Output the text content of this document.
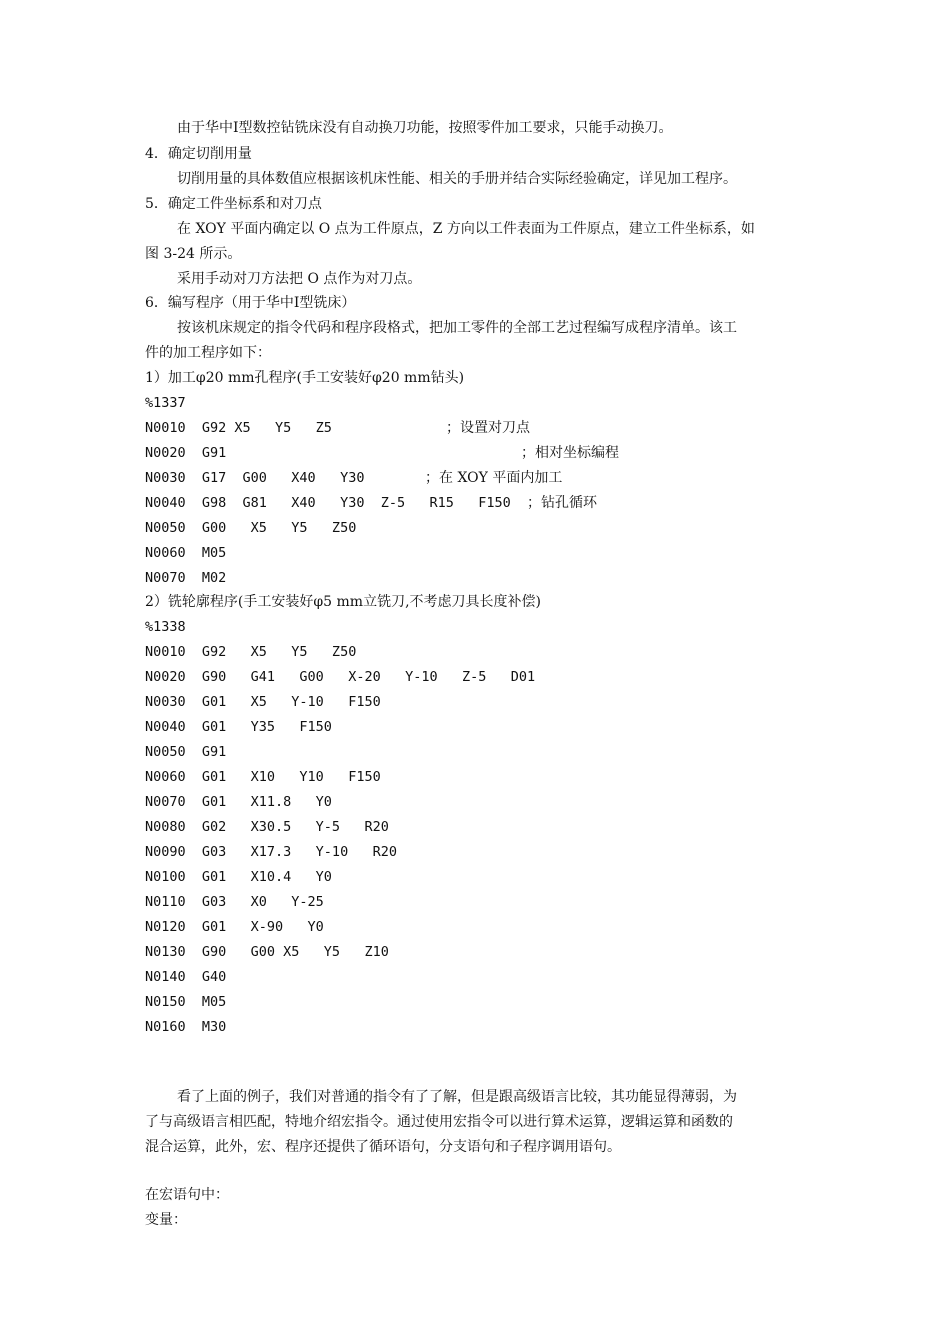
由于华中Ⅰ型数控钻铣床没有自动换刀功能，按照零件加工要求，只能手动换刀。
4．确定切削用量
切削用量的具体数值应根据该机床性能、相关的手册并结合实际经验确定，详见加工程序。
5．确定工件坐标系和对刀点
在 XOY 平面内确定以 O 点为工件原点，Z 方向以工件表面为工件原点，建立工件坐标系，如
图 3-24 所示。
采用手动对刀方法把 O 点作为对刀点。
6．编写程序（用于华中Ⅰ型铣床）
按该机床规定的指令代码和程序段格式，把加工零件的全部工艺过程编写成程序清单。该工
件的加工程序如下：
1）加工φ20 mm孔程序(手工安装好φ20 mm钻头)
%1337
N0010  G92 X5   Y5   Z5	；设置对刀点
N0020  G91	；相对坐标编程
N0030  G17  G00   X40   Y30	；在 XOY 平面内加工
N0040  G98  G81   X40   Y30  Z-5   R15   F150 ；钻孔循环
N0050  G00   X5   Y5   Z50
N0060  M05
N0070  M02
2）铣轮廓程序(手工安装好φ5 mm立铣刀,不考虑刀具长度补偿)
%1338
N0010  G92   X5   Y5   Z50
N0020  G90   G41   G00   X-20   Y-10   Z-5   D01
N0030  G01   X5   Y-10   F150
N0040  G01   Y35   F150
N0050  G91
N0060  G01   X10   Y10   F150
N0070  G01   X11.8   Y0
N0080  G02   X30.5   Y-5   R20
N0090  G03   X17.3   Y-10   R20
N0100  G01   X10.4   Y0
N0110  G03   X0   Y-25
N0120  G01   X-90   Y0
N0130  G90   G00 X5   Y5   Z10
N0140  G40
N0150  M05
N0160  M30
看了上面的例子，我们对普通的指令有了了解，但是跟高级语言比较，其功能显得薄弱，为
了与高级语言相匹配，特地介绍宏指令。通过使用宏指令可以进行算术运算，逻辑运算和函数的
混合运算，此外，宏、程序还提供了循环语句，分支语句和子程序调用语句。
在宏语句中：
变量：
